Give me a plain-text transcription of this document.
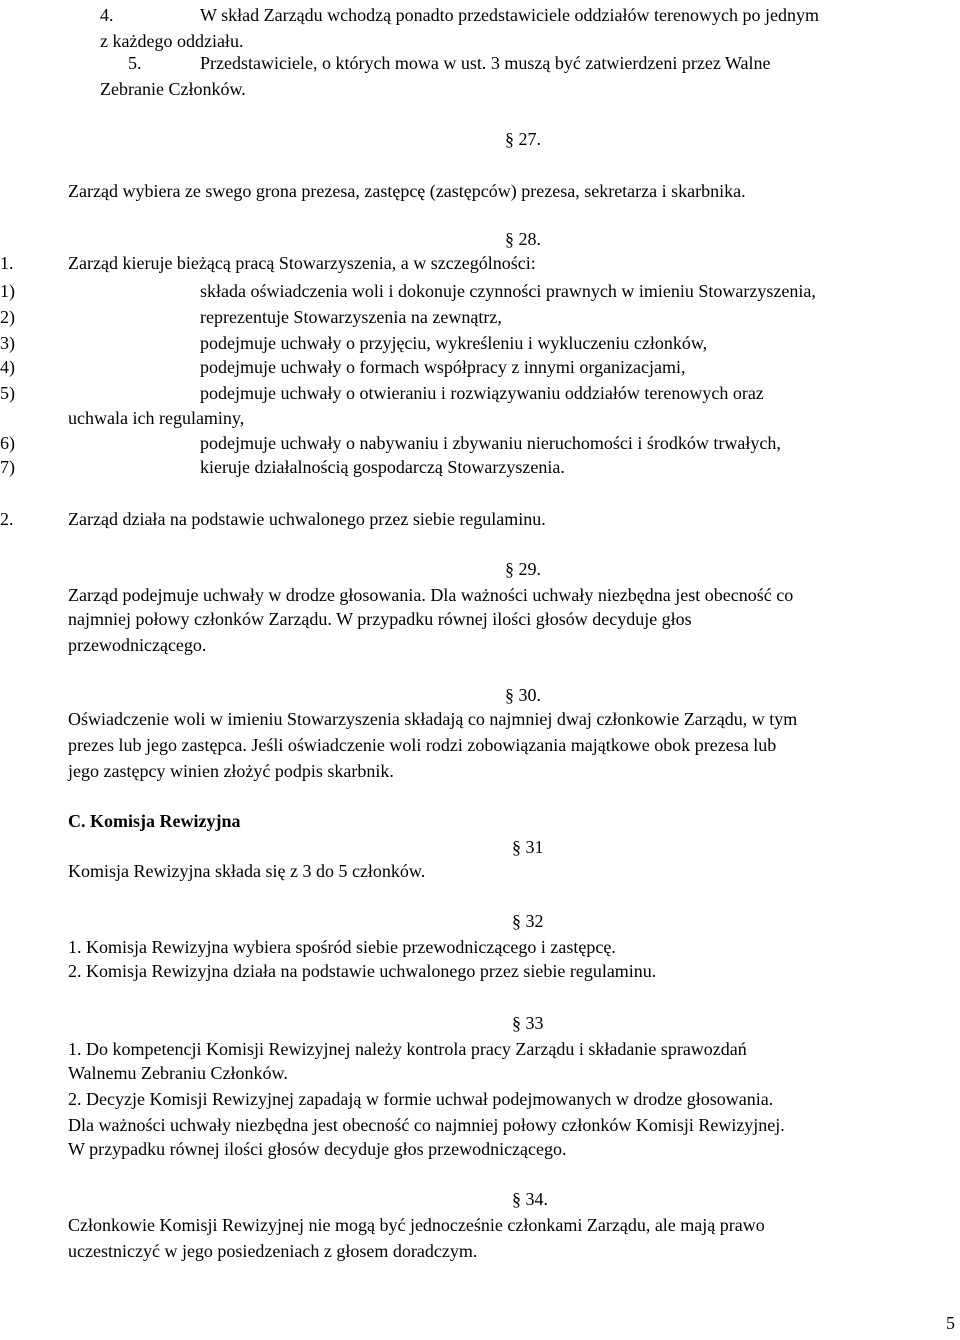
4.	W skład Zarządu wchodzą ponadto przedstawiciele oddziałów terenowych po jednym
z każdego oddziału.
5.	Przedstawiciele, o których mowa w ust. 3 muszą być zatwierdzeni przez Walne
Zebranie Członków.
§ 27.
Zarząd wybiera ze swego grona prezesa, zastępcę (zastępców) prezesa, sekretarza i skarbnika.
§ 28.
1.	Zarząd kieruje bieżącą pracą Stowarzyszenia, a w szczególności:
1)	składa oświadczenia woli i dokonuje czynności prawnych w imieniu Stowarzyszenia,
2)	reprezentuje Stowarzyszenia na zewnątrz,
3)	podejmuje uchwały o przyjęciu, wykreśleniu i wykluczeniu członków,
4)	podejmuje uchwały o formach współpracy z innymi organizacjami,
5)	podejmuje uchwały o otwieraniu i rozwiązywaniu oddziałów terenowych oraz
uchwala ich regulaminy,
6)	podejmuje uchwały o nabywaniu i zbywaniu nieruchomości i środków trwałych,
7)	kieruje działalnością gospodarczą Stowarzyszenia.
2.	Zarząd działa na podstawie uchwalonego przez siebie regulaminu.
§ 29.
Zarząd podejmuje uchwały w drodze głosowania. Dla ważności uchwały niezbędna jest obecność co
najmniej połowy członków Zarządu. W przypadku równej ilości głosów decyduje głos
przewodniczącego.
§ 30.
Oświadczenie woli w imieniu Stowarzyszenia składają co najmniej dwaj członkowie Zarządu, w tym
prezes lub jego zastępca. Jeśli oświadczenie woli rodzi zobowiązania majątkowe obok prezesa lub
jego zastępcy winien złożyć podpis skarbnik.
C. Komisja Rewizyjna
§ 31
Komisja Rewizyjna składa się z 3 do 5 członków.
§ 32
1. Komisja Rewizyjna wybiera spośród siebie przewodniczącego i zastępcę.
2. Komisja Rewizyjna działa na podstawie uchwalonego przez siebie regulaminu.
§ 33
1. Do kompetencji Komisji Rewizyjnej należy kontrola pracy Zarządu i składanie sprawozdań
Walnemu Zebraniu Członków.
2. Decyzje Komisji Rewizyjnej zapadają w formie uchwał podejmowanych w drodze głosowania.
Dla ważności uchwały niezbędna jest obecność co najmniej połowy członków Komisji Rewizyjnej.
W przypadku równej ilości głosów decyduje głos przewodniczącego.
§ 34.
Członkowie Komisji Rewizyjnej nie mogą być jednocześnie członkami Zarządu, ale mają prawo
uczestniczyć w jego posiedzeniach z głosem doradczym.
5
